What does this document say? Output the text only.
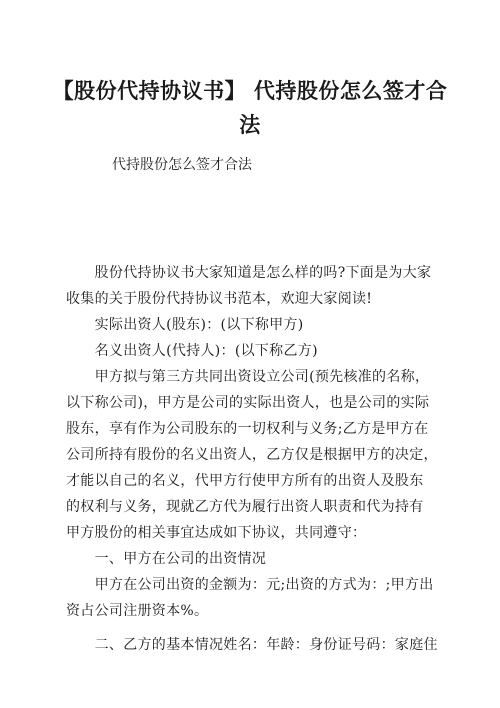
【股份代持协议书】 代持股份怎么签才合
法
代持股份怎么签才合法
　　股份代持协议书大家知道是怎么样的吗?下面是为大家
收集的关于股份代持协议书范本，欢迎大家阅读!
　　实际出资人(股东)：(以下称甲方)
　　名义出资人(代持人)：(以下称乙方)
　　甲方拟与第三方共同出资设立公司(预先核准的名称，
以下称公司)，甲方是公司的实际出资人，也是公司的实际
股东，享有作为公司股东的一切权利与义务;乙方是甲方在
公司所持有股份的名义出资人，乙方仅是根据甲方的决定，
才能以自己的名义，代甲方行使甲方所有的出资人及股东
的权利与义务，现就乙方代为履行出资人职责和代为持有
甲方股份的相关事宜达成如下协议，共同遵守：
　　一、甲方在公司的出资情况
　　甲方在公司出资的金额为：元;出资的方式为：;甲方出
资占公司注册资本%。
　　二、乙方的基本情况姓名：年龄：身份证号码：家庭住
